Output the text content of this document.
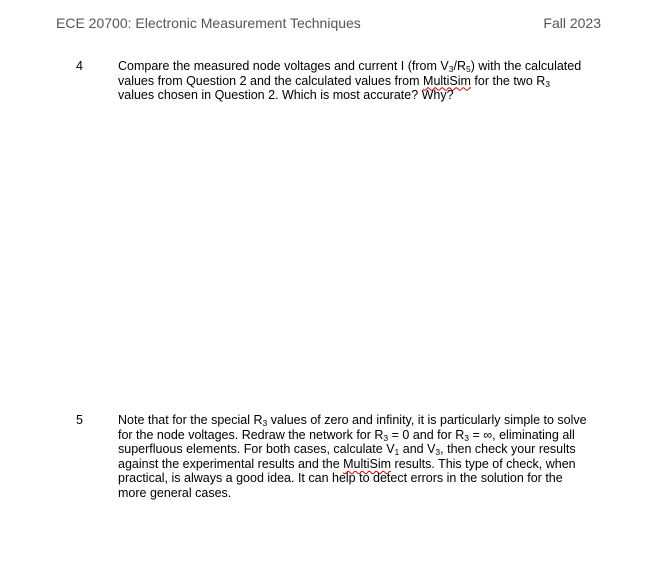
ECE 20700: Electronic Measurement Techniques	Fall 2023
4	Compare the measured node voltages and current I (from $V_3/R_5$) with the calculated
values from Question 2 and the calculated values from MultiSim for the two $R_3$
values chosen in Question 2. Which is most accurate? Why?
5	Note that for the special $R_3$ values of zero and infinity, it is particularly simple to solve
for the node voltages. Redraw the network for $R_3 = 0$ and for $R_3$ = ∞, eliminating all
superfluous elements. For both cases, calculate $V_1$ and $V_3$, then check your results
against the experimental results and the MultiSim results. This type of check, when
practical, is always a good idea. It can help to detect errors in the solution for the
more general cases.
